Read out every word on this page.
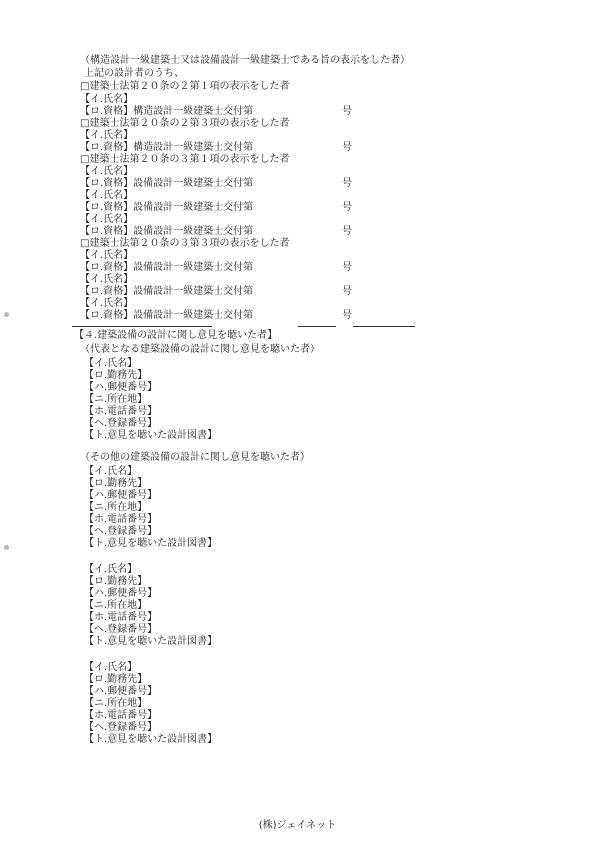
（構造設計一級建築士又は設備設計一級建築士である旨の表示をした者）
上記の設計者のうち、
□建築士法第２０条の２第１項の表示をした者
【イ.氏名】
【ロ.資格】構造設計一級建築士交付第	号
□建築士法第２０条の２第３項の表示をした者
【イ.氏名】
【ロ.資格】構造設計一級建築士交付第	号
□建築士法第２０条の３第１項の表示をした者
【イ.氏名】
【ロ.資格】設備設計一級建築士交付第	号
【イ.氏名】
【ロ.資格】設備設計一級建築士交付第	号
【イ.氏名】
【ロ.資格】設備設計一級建築士交付第	号
□建築士法第２０条の３第３項の表示をした者
【イ.氏名】
【ロ.資格】設備設計一級建築士交付第	号
【イ.氏名】
【ロ.資格】設備設計一級建築士交付第	号
【イ.氏名】
【ロ.資格】設備設計一級建築士交付第	号
【４.建築設備の設計に関し意見を聴いた者】
（代表となる建築設備の設計に関し意見を聴いた者）
【イ.氏名】
【ロ.勤務先】
【ハ.郵便番号】
【ニ.所在地】
【ホ.電話番号】
【ヘ.登録番号】
【ト.意見を聴いた設計図書】
（その他の建築設備の設計に関し意見を聴いた者）
【イ.氏名】
【ロ.勤務先】
【ハ.郵便番号】
【ニ.所在地】
【ホ.電話番号】
【ヘ.登録番号】
【ト.意見を聴いた設計図書】
【イ.氏名】
【ロ.勤務先】
【ハ.郵便番号】
【ニ.所在地】
【ホ.電話番号】
【ヘ.登録番号】
【ト.意見を聴いた設計図書】
【イ.氏名】
【ロ.勤務先】
【ハ.郵便番号】
【ニ.所在地】
【ホ.電話番号】
【ヘ.登録番号】
【ト.意見を聴いた設計図書】
(株)ジェイネット
